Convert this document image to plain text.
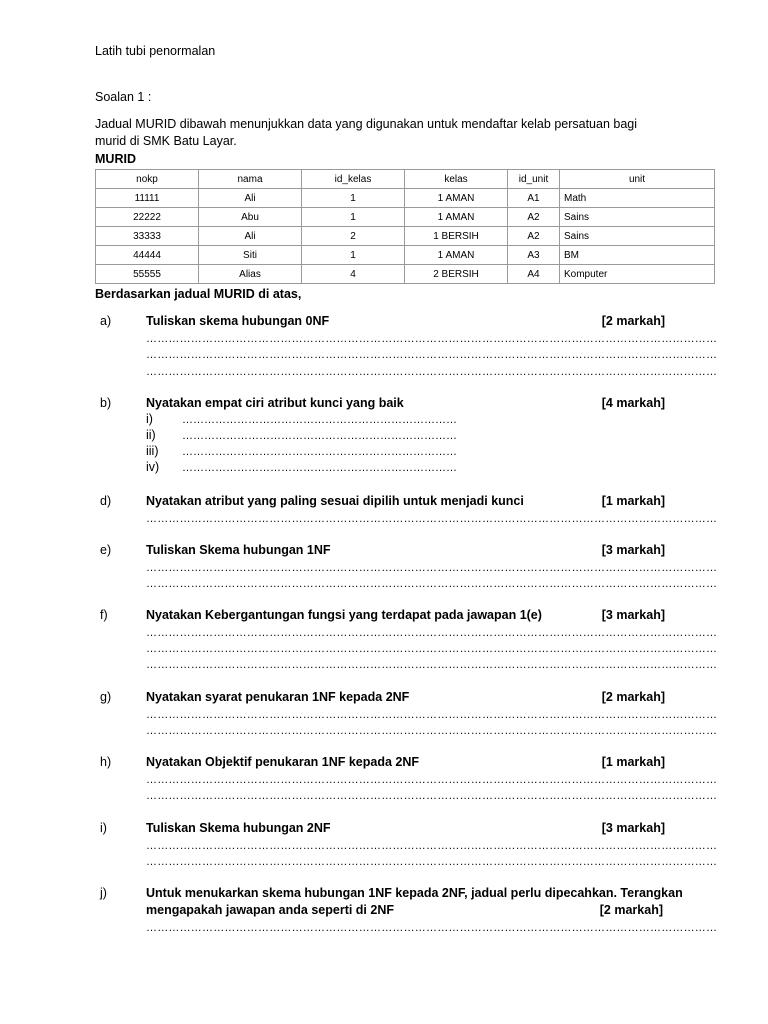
Latih tubi penormalan
Soalan 1 :
Jadual MURID dibawah menunjukkan data yang digunakan untuk mendaftar kelab persatuan bagi
murid di SMK Batu Layar.
MURID
nokp	nama	id_kelas	kelas	id_unit	unit
11111	Ali	1	1 AMAN	A1	Math
22222	Abu	1	1 AMAN	A2	Sains
33333	Ali	2	1 BERSIH	A2	Sains
44444	Siti	1	1 AMAN	A3	BM
55555	Alias	4	2 BERSIH	A4	Komputer
Berdasarkan jadual MURID di atas,
a)	Tuliskan skema hubungan 0NF	[2 markah]
………………………………………………………………………………………………………………………………………
………………………………………………………………………………………………………………………………………
………………………………………………………………………………………………………………………………………
b)	Nyatakan empat ciri atribut kunci yang baik	[4 markah]
i)	…………………………………………………………………
ii) …………………………………………………………………
iii) …………………………………………………………………
iv) …………………………………………………………………
d)	Nyatakan atribut yang paling sesuai dipilih untuk menjadi kunci	[1 markah]
………………………………………………………………………………………………………………………………………
e)	Tuliskan Skema hubungan 1NF	[3 markah]
………………………………………………………………………………………………………………………………………
………………………………………………………………………………………………………………………………………
f)	Nyatakan Kebergantungan fungsi yang terdapat pada jawapan 1(e)	[3 markah]
………………………………………………………………………………………………………………………………………
………………………………………………………………………………………………………………………………………
………………………………………………………………………………………………………………………………………
g)	Nyatakan syarat penukaran 1NF kepada 2NF	[2 markah]
………………………………………………………………………………………………………………………………………
………………………………………………………………………………………………………………………………………
h)	Nyatakan Objektif penukaran 1NF kepada 2NF	[1 markah]
………………………………………………………………………………………………………………………………………
………………………………………………………………………………………………………………………………………
i)	Tuliskan Skema hubungan 2NF	[3 markah]
………………………………………………………………………………………………………………………………………
………………………………………………………………………………………………………………………………………
j)	Untuk menukarkan skema hubungan 1NF kepada 2NF, jadual perlu dipecahkan. Terangkan
mengapakah jawapan anda seperti di 2NF	[2 markah]
………………………………………………………………………………………………………………………………………
